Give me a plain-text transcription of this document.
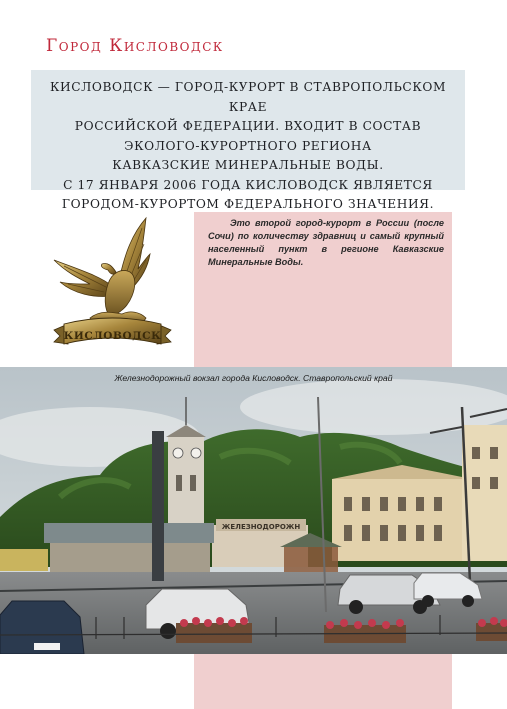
Город Кисловодск
КИСЛОВОДСК — ГОРОД-КУРОРТ В СТАВРОПОЛЬСКОМ КРАЕ
РОССИЙСКОЙ ФЕДЕРАЦИИ. ВХОДИТ В СОСТАВ
ЭКОЛОГО-КУРОРТНОГО РЕГИОНА
КАВКАЗСКИЕ МИНЕРАЛЬНЫЕ ВОДЫ.
С 17 ЯНВАРЯ 2006 ГОДА КИСЛОВОДСК ЯВЛЯЕТСЯ
ГОРОДОМ-КУРОРТОМ ФЕДЕРАЛЬНОГО ЗНАЧЕНИЯ.
Это второй город-курорт в России (после Сочи) по количеству здравниц и самый крупный населенный пункт в регионе Кавказские Минеральные Воды.
КИСЛОВОДСК
ЖЕЛЕЗНОДОРОЖН
Железнодорожный вокзал города Кисловодск. Ставропольский край
